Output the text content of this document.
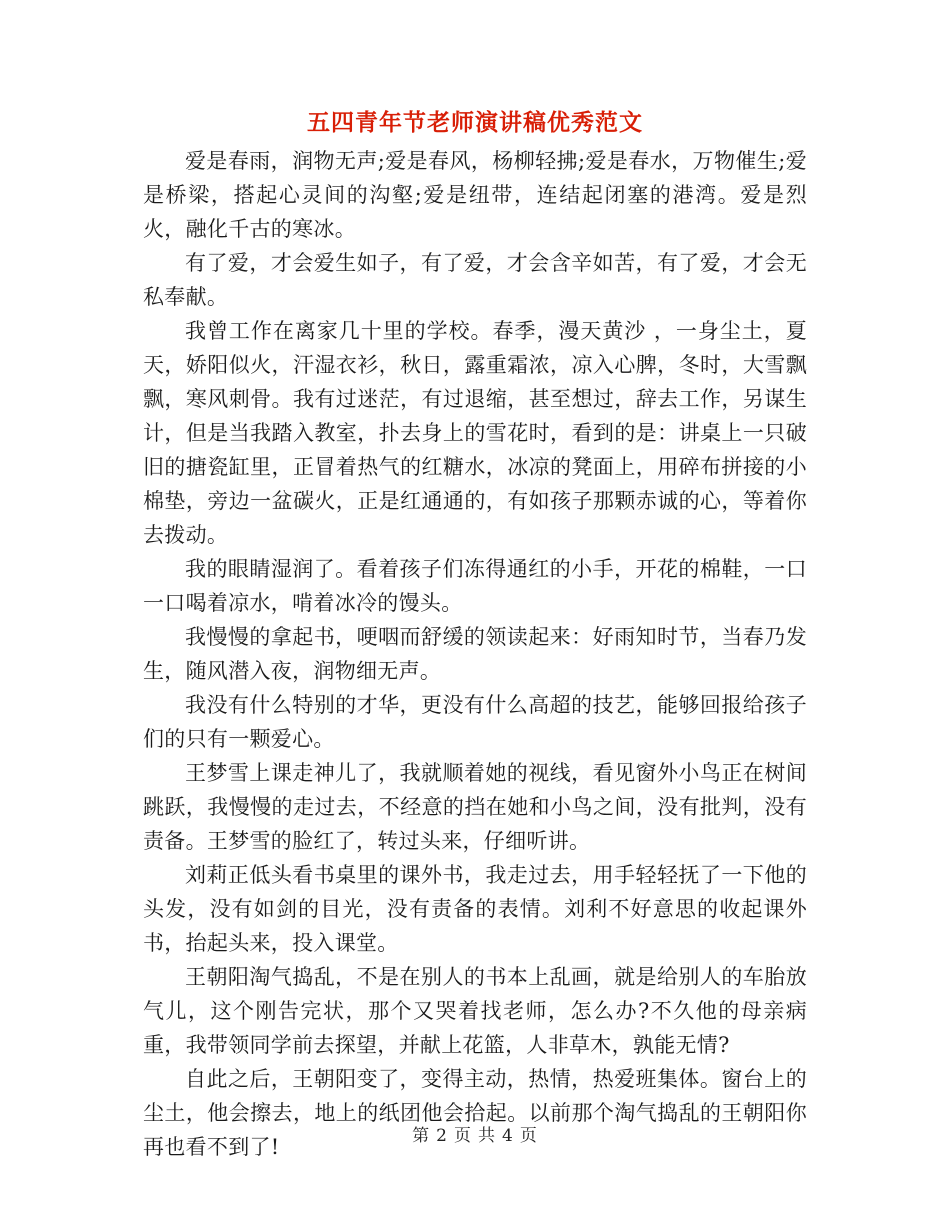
五四青年节老师演讲稿优秀范文

爱是春雨，润物无声;爱是春风，杨柳轻拂;爱是春水，万物催生;爱是桥梁，搭起心灵间的沟壑;爱是纽带，连结起闭塞的港湾。爱是烈火，融化千古的寒冰。

有了爱，才会爱生如子，有了爱，才会含辛如苦，有了爱，才会无私奉献。

我曾工作在离家几十里的学校。春季，漫天黄沙 ，一身尘土，夏天，娇阳似火，汗湿衣衫，秋日，露重霜浓，凉入心脾，冬时，大雪飘飘，寒风刺骨。我有过迷茫，有过退缩，甚至想过，辞去工作，另谋生计，但是当我踏入教室，扑去身上的雪花时，看到的是：讲桌上一只破旧的搪瓷缸里，正冒着热气的红糖水，冰凉的凳面上，用碎布拼接的小棉垫，旁边一盆碳火，正是红通通的，有如孩子那颗赤诚的心，等着你去拨动。

我的眼睛湿润了。看着孩子们冻得通红的小手，开花的棉鞋，一口一口喝着凉水，啃着冰冷的馒头。

我慢慢的拿起书，哽咽而舒缓的领读起来：好雨知时节，当春乃发生，随风潜入夜，润物细无声。

我没有什么特别的才华，更没有什么高超的技艺，能够回报给孩子们的只有一颗爱心。

王梦雪上课走神儿了，我就顺着她的视线，看见窗外小鸟正在树间跳跃，我慢慢的走过去，不经意的挡在她和小鸟之间，没有批判，没有责备。王梦雪的脸红了，转过头来，仔细听讲。

刘莉正低头看书桌里的课外书，我走过去，用手轻轻抚了一下他的头发，没有如剑的目光，没有责备的表情。刘利不好意思的收起课外书，抬起头来，投入课堂。

王朝阳淘气捣乱，不是在别人的书本上乱画，就是给别人的车胎放气儿，这个刚告完状，那个又哭着找老师，怎么办?不久他的母亲病重，我带领同学前去探望，并献上花篮，人非草木，孰能无情?

自此之后，王朝阳变了，变得主动，热情，热爱班集体。窗台上的尘土，他会擦去，地上的纸团他会拾起。以前那个淘气捣乱的王朝阳你再也看不到了!	第 2 页 共 4 页
